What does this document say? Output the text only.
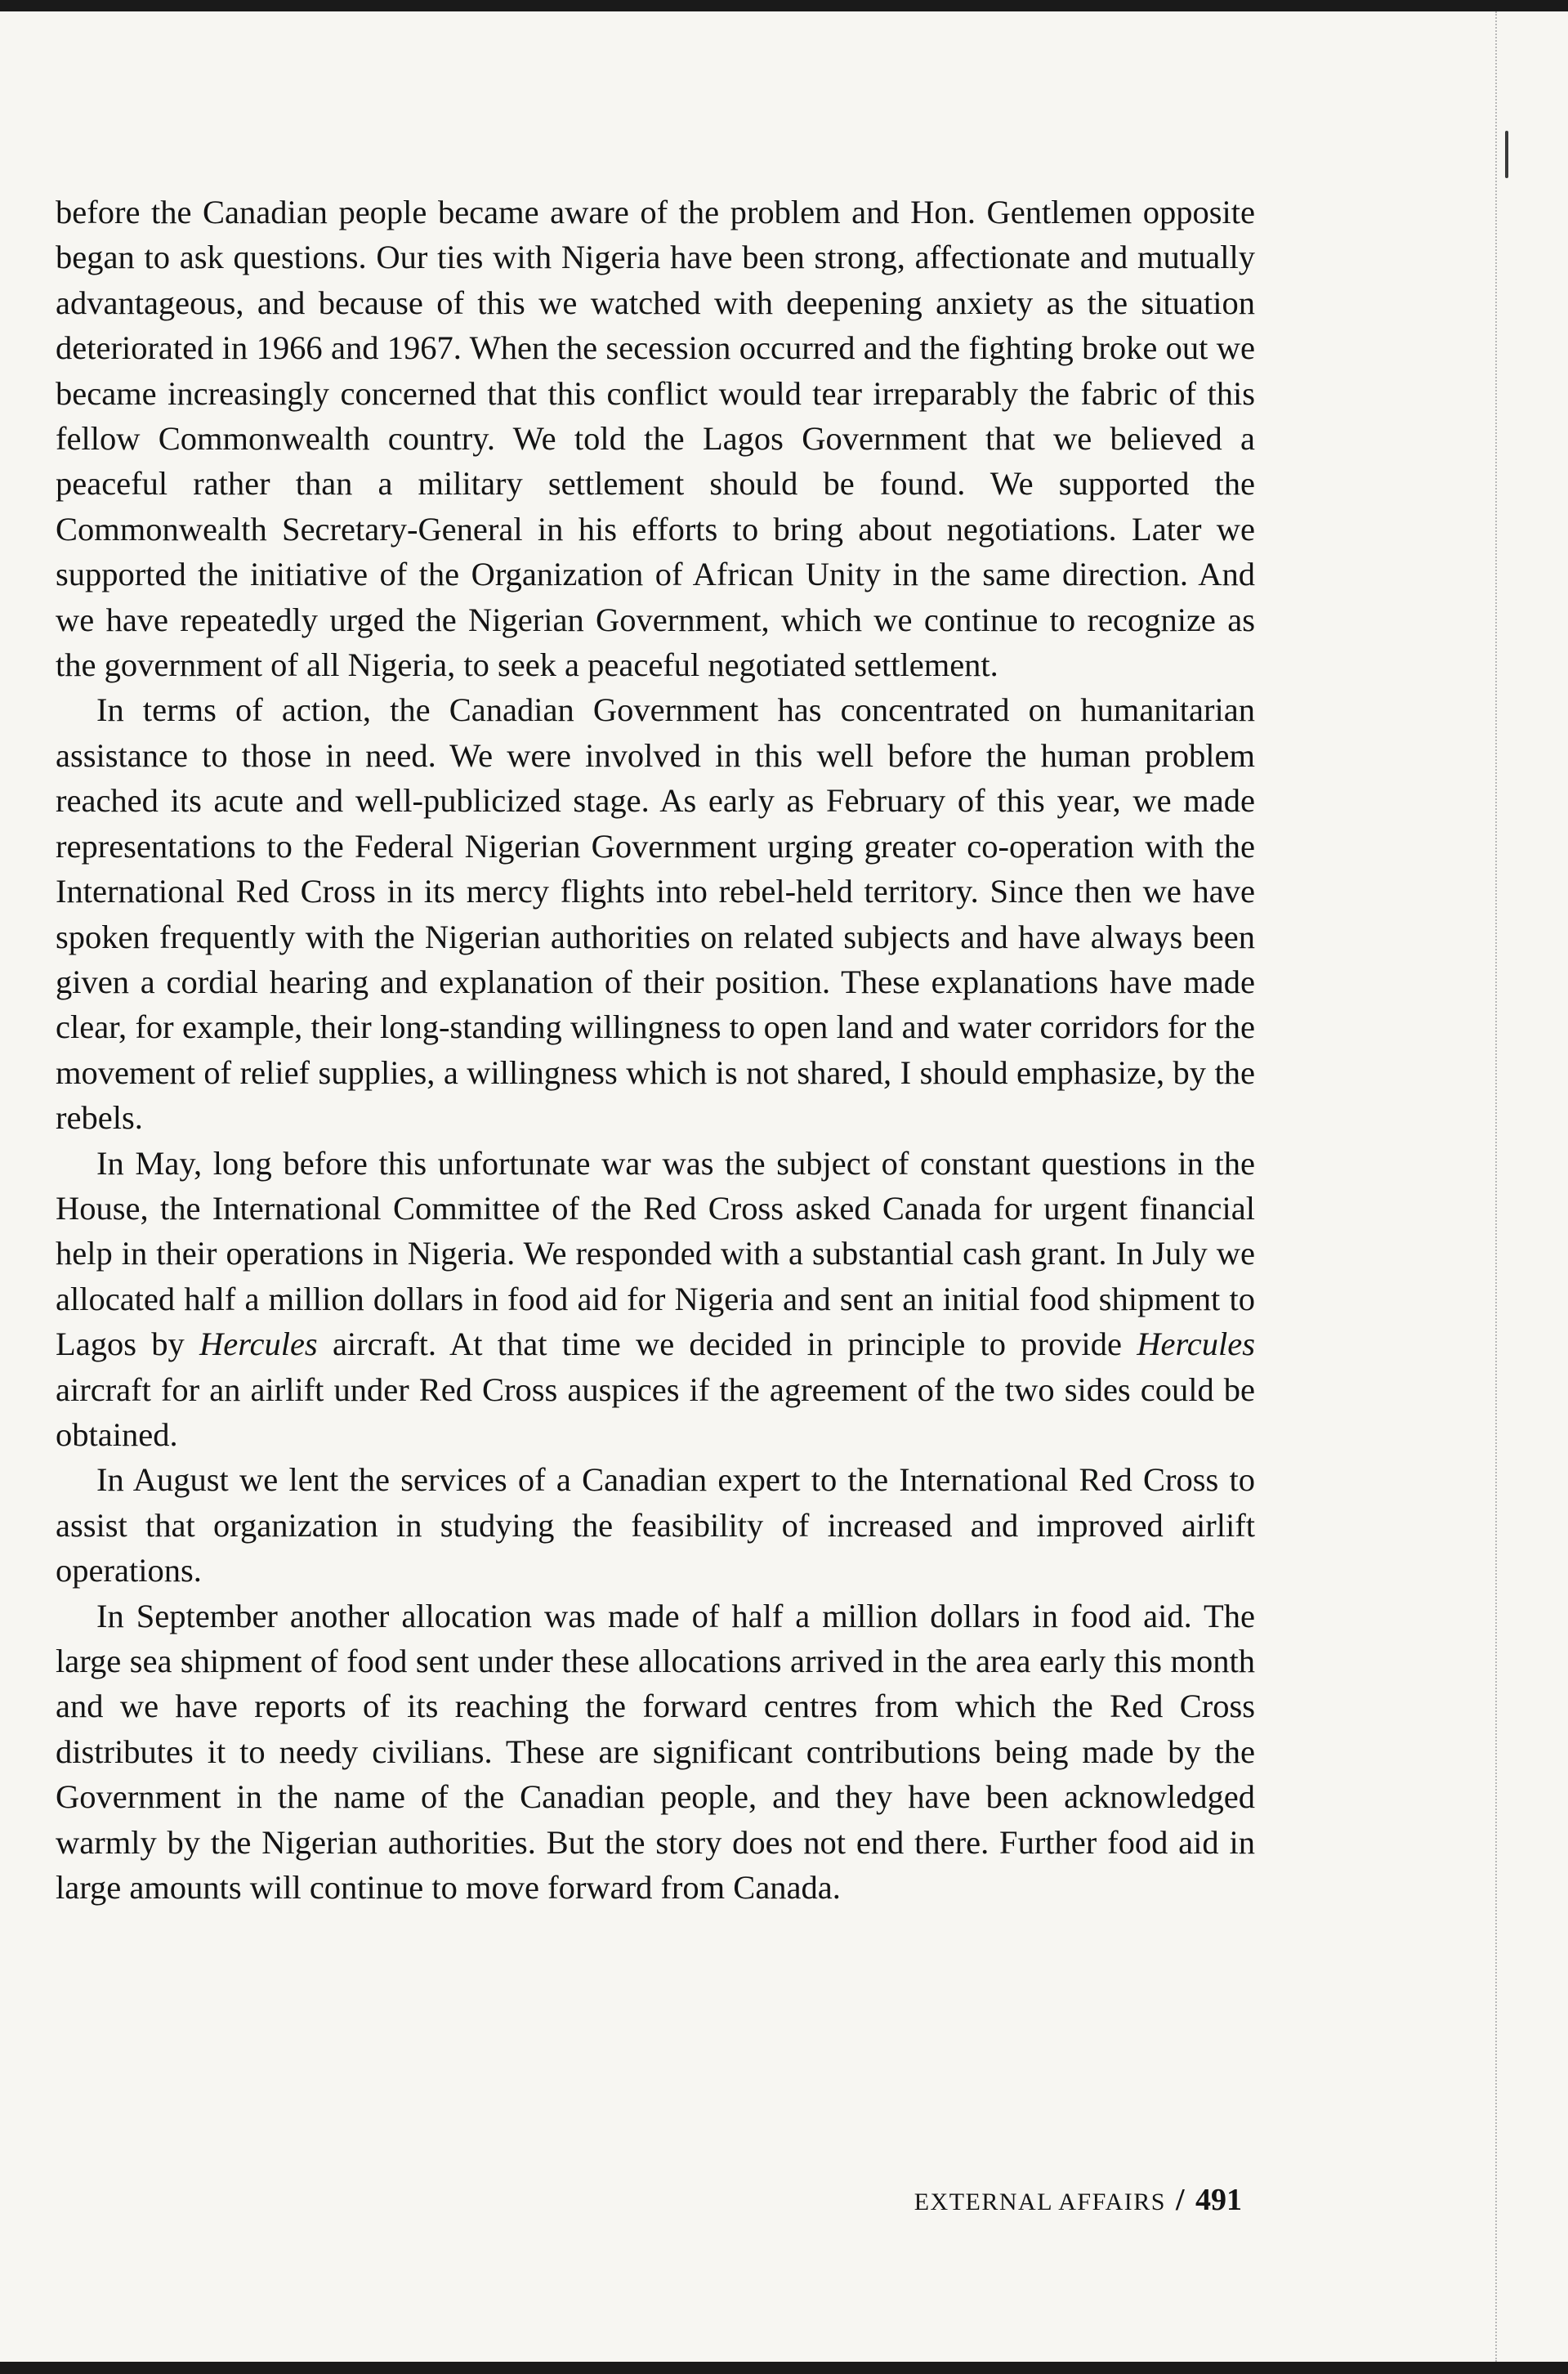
before the Canadian people became aware of the problem and Hon. Gentlemen opposite began to ask questions. Our ties with Nigeria have been strong, affectionate and mutually advantageous, and because of this we watched with deepening anxiety as the situation deteriorated in 1966 and 1967. When the secession occurred and the fighting broke out we became increasingly concerned that this conflict would tear irreparably the fabric of this fellow Commonwealth country. We told the Lagos Government that we believed a peaceful rather than a military settlement should be found. We supported the Commonwealth Secretary-General in his efforts to bring about negotiations. Later we supported the initiative of the Organization of African Unity in the same direction. And we have repeatedly urged the Nigerian Government, which we continue to recognize as the government of all Nigeria, to seek a peaceful negotiated settlement.

In terms of action, the Canadian Government has concentrated on humanitarian assistance to those in need. We were involved in this well before the human problem reached its acute and well-publicized stage. As early as February of this year, we made representations to the Federal Nigerian Government urging greater co-operation with the International Red Cross in its mercy flights into rebel-held territory. Since then we have spoken frequently with the Nigerian authorities on related subjects and have always been given a cordial hearing and explanation of their position. These explanations have made clear, for example, their long-standing willingness to open land and water corridors for the movement of relief supplies, a willingness which is not shared, I should emphasize, by the rebels.

In May, long before this unfortunate war was the subject of constant questions in the House, the International Committee of the Red Cross asked Canada for urgent financial help in their operations in Nigeria. We responded with a substantial cash grant. In July we allocated half a million dollars in food aid for Nigeria and sent an initial food shipment to Lagos by Hercules aircraft. At that time we decided in principle to provide Hercules aircraft for an airlift under Red Cross auspices if the agreement of the two sides could be obtained.

In August we lent the services of a Canadian expert to the International Red Cross to assist that organization in studying the feasibility of increased and improved airlift operations.

In September another allocation was made of half a million dollars in food aid. The large sea shipment of food sent under these allocations arrived in the area early this month and we have reports of its reaching the forward centres from which the Red Cross distributes it to needy civilians. These are significant contributions being made by the Government in the name of the Canadian people, and they have been acknowledged warmly by the Nigerian authorities. But the story does not end there. Further food aid in large amounts will continue to move forward from Canada.

EXTERNAL AFFAIRS / 491
